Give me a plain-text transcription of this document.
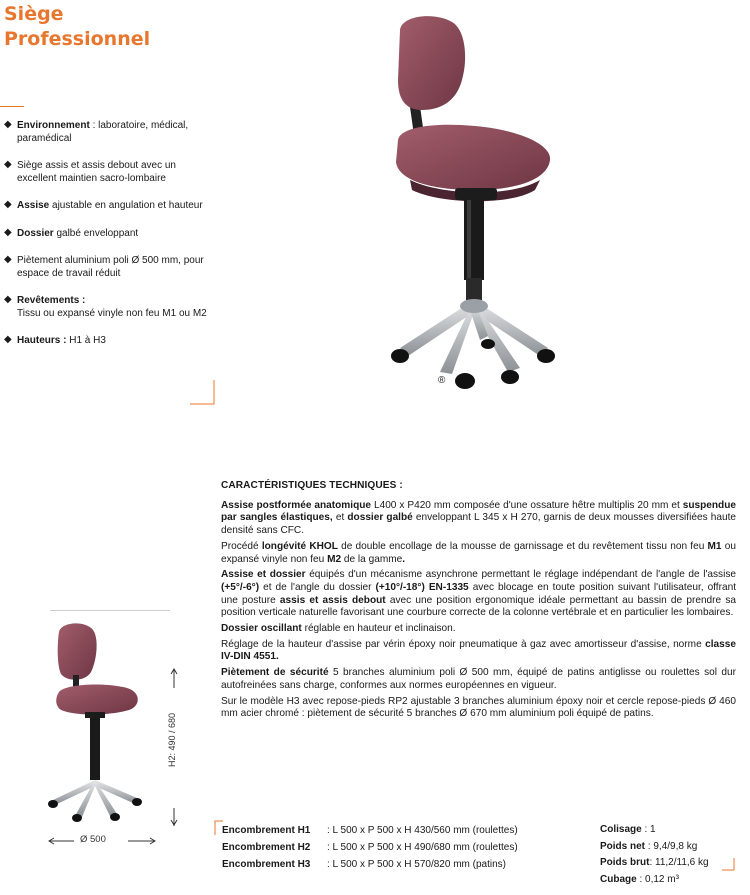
Siège
Professionnel
◆ Environnement : laboratoire, médical, paramédical
◆ Siège assis et assis debout avec un excellent maintien sacro-lombaire
◆ Assise ajustable en angulation et hauteur
◆ Dossier galbé enveloppant
◆ Piètement aluminium poli Ø 500 mm, pour espace de travail réduit
◆ Revêtements :
Tissu ou expansé vinyle non feu M1 ou M2
◆ Hauteurs : H1 à H3
®
CARACTÉRISTIQUES TECHNIQUES :

Assise postformée anatomique L400 x P420 mm composée d'une ossature hêtre multiplis 20 mm et suspendue par sangles élastiques, et dossier galbé enveloppant L 345 x H 270, garnis de deux mousses diversifiées haute densité sans CFC.

Procédé longévité KHOL de double encollage de la mousse de garnissage et du revêtement tissu non feu M1 ou expansé vinyle non feu M2 de la gamme.

Assise et dossier équipés d'un mécanisme asynchrone permettant le réglage indépendant de l'angle de l'assise (+5°/-6°) et de l'angle du dossier (+10°/-18°) EN-1335 avec blocage en toute position suivant l'utilisateur, offrant une posture assis et assis debout avec une position ergonomique idéale permettant au bassin de prendre sa position verticale naturelle favorisant une courbure correcte de la colonne vertébrale et en particulier les lombaires.

Dossier oscillant réglable en hauteur et inclinaison.

Réglage de la hauteur d'assise par vérin époxy noir pneumatique à gaz avec amortisseur d'assise, norme classe IV-DIN 4551.

Piètement de sécurité 5 branches aluminium poli Ø 500 mm, équipé de patins antiglisse ou roulettes sol dur autofreinées sans charge, conformes aux normes européennes en vigueur.

Sur le modèle H3 avec repose-pieds RP2 ajustable 3 branches aluminium époxy noir et cercle repose-pieds Ø 460 mm acier chromé : piètement de sécurité 5 branches Ø 670 mm aluminium poli équipé de patins.

H2: 490 / 680
Ø 500
Encombrement H1 : L 500 x P 500 x H 430/560 mm (roulettes)
Encombrement H2 : L 500 x P 500 x H 490/680 mm (roulettes)
Encombrement H3 : L 500 x P 500 x H 570/820 mm (patins)
Colisage : 1
Poids net : 9,4/9,8 kg
Poids brut: 11,2/11,6 kg
Cubage : 0,12 m³
